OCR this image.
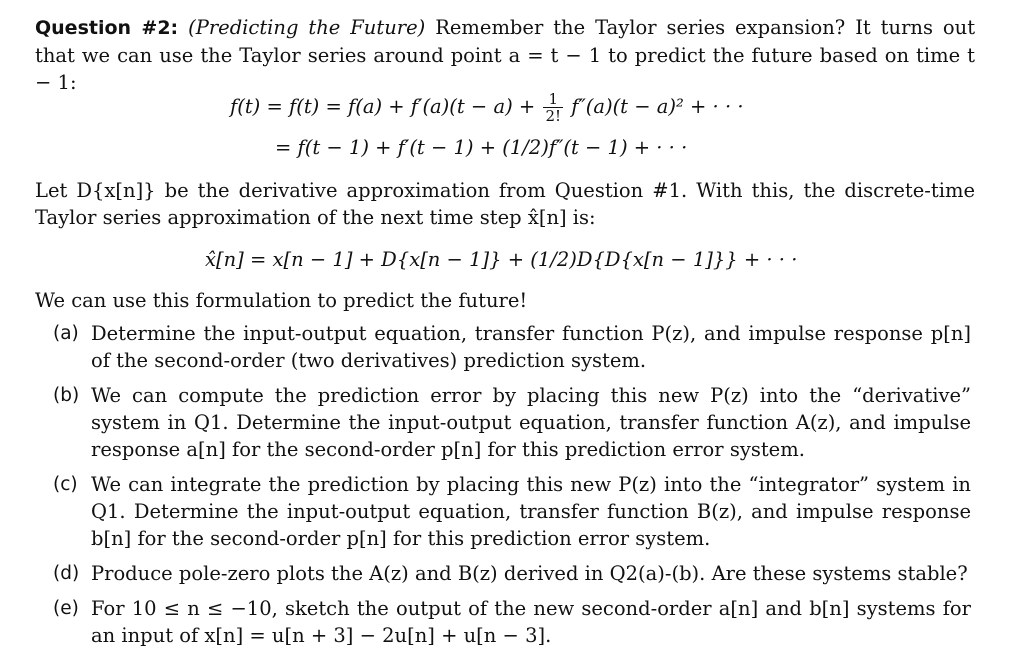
Question #2: (Predicting the Future) Remember the Taylor series expansion? It turns out that we can use the Taylor series around point a = t − 1 to predict the future based on time t − 1:

$f(t) = f(t) = f(a) + f'(a)(t - a) + \frac{1}{2!} f''(a)(t - a)^2$ + · · ·
= f(t − 1) + f′(t − 1) + (1/2)f″(t − 1) + · · ·

Let D{x[n]} be the derivative approximation from Question #1. With this, the discrete-time Taylor series approximation of the next time step x̂[n] is:

x̂[n] = x[n − 1] + D{x[n − 1]} + (1/2)D{D{x[n − 1]}} + · · ·

We can use this formulation to predict the future!

(a) Determine the input-output equation, transfer function P(z), and impulse response p[n] of the second-order (two derivatives) prediction system.
(b) We can compute the prediction error by placing this new P(z) into the “derivative” system in Q1. Determine the input-output equation, transfer function A(z), and impulse response a[n] for the second-order p[n] for this prediction error system.
(c) We can integrate the prediction by placing this new P(z) into the “integrator” system in Q1. Determine the input-output equation, transfer function B(z), and impulse response b[n] for the second-order p[n] for this prediction error system.
(d) Produce pole-zero plots the A(z) and B(z) derived in Q2(a)-(b). Are these systems stable?
(e) For 10 ≤ n ≤ −10, sketch the output of the new second-order a[n] and b[n] systems for an input of x[n] = u[n + 3] − 2u[n] + u[n − 3].
